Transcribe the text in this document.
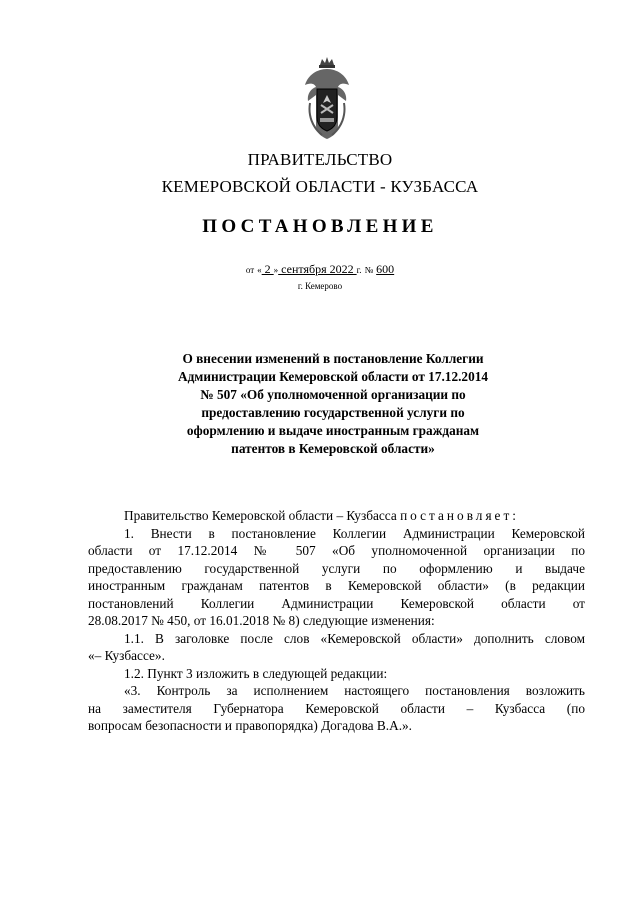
ПРАВИТЕЛЬСТВО
КЕМЕРОВСКОЙ ОБЛАСТИ - КУЗБАССА
ПОСТАНОВЛЕНИЕ
от « 2 » сентября 2022 г. № 600
г. Кемерово
О внесении изменений в постановление Коллегии
Администрации Кемеровской области от 17.12.2014
№ 507 «Об уполномоченной организации по
предоставлению государственной услуги по
оформлению и выдаче иностранным гражданам
патентов в Кемеровской области»
Правительство Кемеровской области – Кузбасса постановляет:
1. Внести в постановление Коллегии Администрации Кемеровской
области от 17.12.2014 № 507 «Об уполномоченной организации по
предоставлению государственной услуги по оформлению и выдаче
иностранным гражданам патентов в Кемеровской области» (в редакции
постановлений Коллегии Администрации Кемеровской области от
28.08.2017 № 450, от 16.01.2018 № 8) следующие изменения:
1.1. В заголовке после слов «Кемеровской области» дополнить словом
«– Кузбассе».
1.2. Пункт 3 изложить в следующей редакции:
«3. Контроль за исполнением настоящего постановления возложить
на заместителя Губернатора Кемеровской области – Кузбасса (по
вопросам безопасности и правопорядка) Догадова В.А.».
